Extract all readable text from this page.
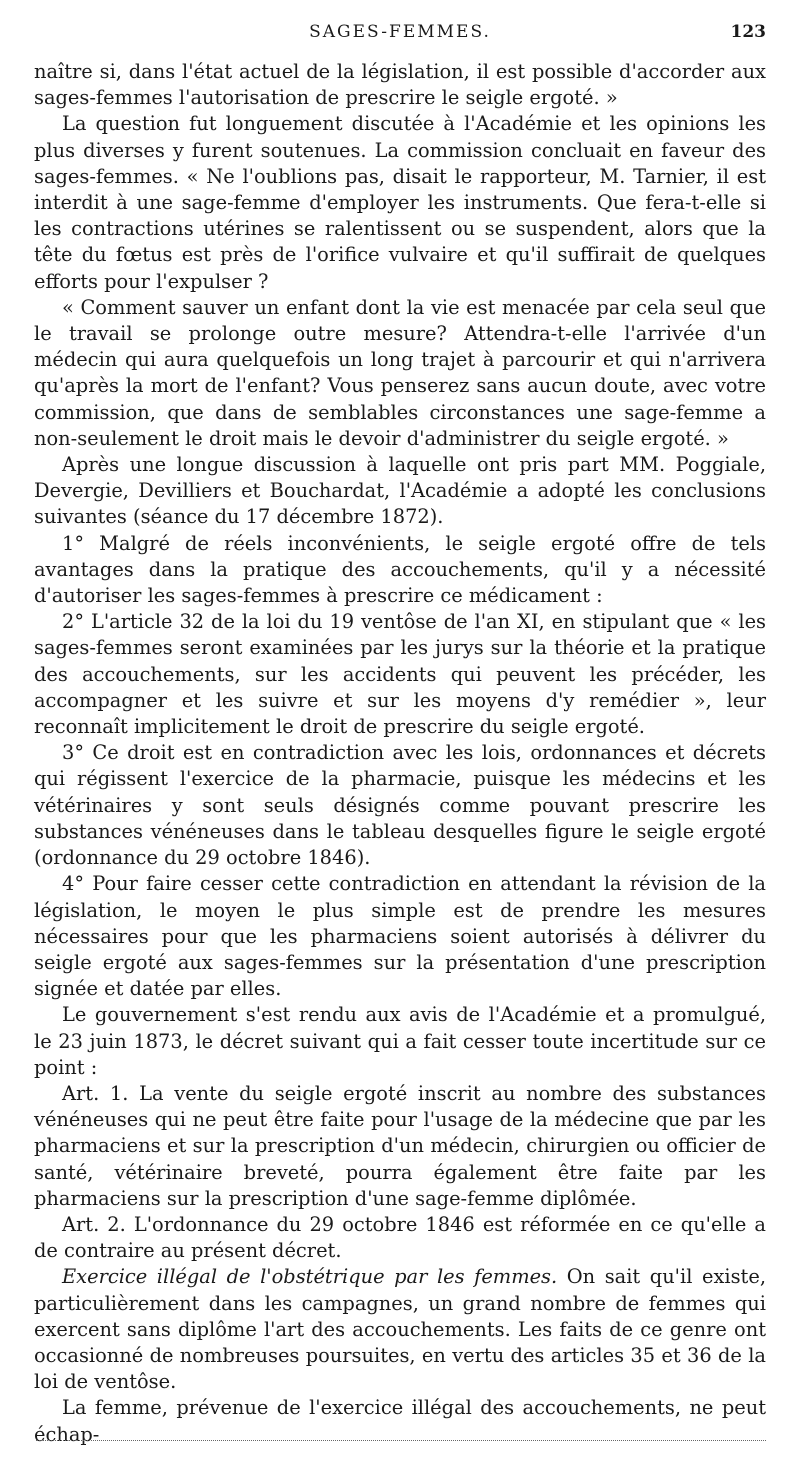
SAGES-FEMMES.	123

naître si, dans l'état actuel de la législation, il est possible d'accorder aux sages-femmes l'autorisation de prescrire le seigle ergoté. »

La question fut longuement discutée à l'Académie et les opinions les plus diverses y furent soutenues. La commission concluait en faveur des sages-femmes. « Ne l'oublions pas, disait le rapporteur, M. Tarnier, il est interdit à une sage-femme d'employer les instruments. Que fera-t-elle si les contractions utérines se ralentissent ou se suspendent, alors que la tête du fœtus est près de l'orifice vulvaire et qu'il suffirait de quelques efforts pour l'expulser ?

« Comment sauver un enfant dont la vie est menacée par cela seul que le travail se prolonge outre mesure? Attendra-t-elle l'arrivée d'un médecin qui aura quelquefois un long trajet à parcourir et qui n'arrivera qu'après la mort de l'enfant? Vous penserez sans aucun doute, avec votre commission, que dans de semblables circonstances une sage-femme a non-seulement le droit mais le devoir d'administrer du seigle ergoté. »

Après une longue discussion à laquelle ont pris part MM. Poggiale, Devergie, Devilliers et Bouchardat, l'Académie a adopté les conclusions suivantes (séance du 17 décembre 1872).

1° Malgré de réels inconvénients, le seigle ergoté offre de tels avantages dans la pratique des accouchements, qu'il y a nécessité d'autoriser les sages-femmes à prescrire ce médicament :

2° L'article 32 de la loi du 19 ventôse de l'an XI, en stipulant que « les sages-femmes seront examinées par les jurys sur la théorie et la pratique des accouchements, sur les accidents qui peuvent les précéder, les accompagner et les suivre et sur les moyens d'y remédier », leur reconnaît implicitement le droit de prescrire du seigle ergoté.

3° Ce droit est en contradiction avec les lois, ordonnances et décrets qui régissent l'exercice de la pharmacie, puisque les médecins et les vétérinaires y sont seuls désignés comme pouvant prescrire les substances vénéneuses dans le tableau desquelles figure le seigle ergoté (ordonnance du 29 octobre 1846).

4° Pour faire cesser cette contradiction en attendant la révision de la législation, le moyen le plus simple est de prendre les mesures nécessaires pour que les pharmaciens soient autorisés à délivrer du seigle ergoté aux sages-femmes sur la présentation d'une prescription signée et datée par elles.

Le gouvernement s'est rendu aux avis de l'Académie et a promulgué, le 23 juin 1873, le décret suivant qui a fait cesser toute incertitude sur ce point :

Art. 1. La vente du seigle ergoté inscrit au nombre des substances vénéneuses qui ne peut être faite pour l'usage de la médecine que par les pharmaciens et sur la prescription d'un médecin, chirurgien ou officier de santé, vétérinaire breveté, pourra également être faite par les pharmaciens sur la prescription d'une sage-femme diplômée.

Art. 2. L'ordonnance du 29 octobre 1846 est réformée en ce qu'elle a de contraire au présent décret.

Exercice illégal de l'obstétrique par les femmes. On sait qu'il existe, particulièrement dans les campagnes, un grand nombre de femmes qui exercent sans diplôme l'art des accouchements. Les faits de ce genre ont occasionné de nombreuses poursuites, en vertu des articles 35 et 36 de la loi de ventôse.

La femme, prévenue de l'exercice illégal des accouchements, ne peut échap-
